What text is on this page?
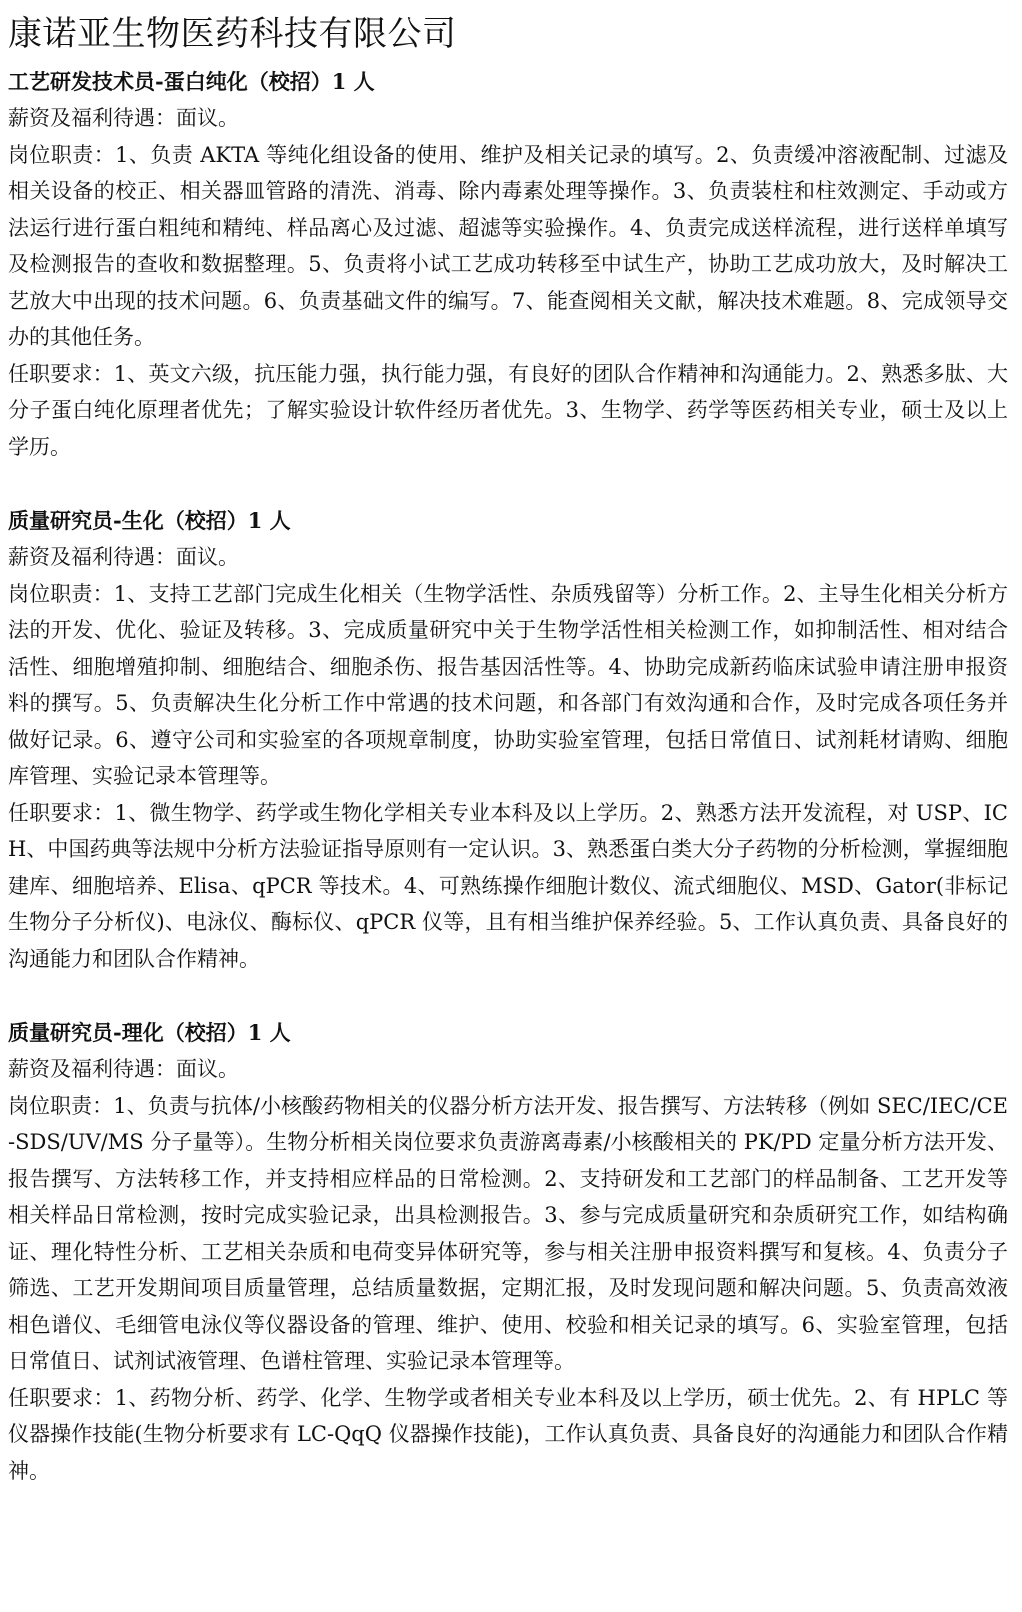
康诺亚生物医药科技有限公司
工艺研发技术员-蛋白纯化（校招）1 人

薪资及福利待遇：面议。

岗位职责：1、负责 AKTA 等纯化组设备的使用、维护及相关记录的填写。2、负责缓冲溶液配制、过滤及相关设备的校正、相关器皿管路的清洗、消毒、除内毒素处理等操作。3、负责装柱和柱效测定、手动或方法运行进行蛋白粗纯和精纯、样品离心及过滤、超滤等实验操作。4、负责完成送样流程，进行送样单填写及检测报告的查收和数据整理。5、负责将小试工艺成功转移至中试生产，协助工艺成功放大，及时解决工艺放大中出现的技术问题。6、负责基础文件的编写。7、能查阅相关文献，解决技术难题。8、完成领导交办的其他任务。

任职要求：1、英文六级，抗压能力强，执行能力强，有良好的团队合作精神和沟通能力。2、熟悉多肽、大分子蛋白纯化原理者优先；了解实验设计软件经历者优先。3、生物学、药学等医药相关专业，硕士及以上学历。

质量研究员-生化（校招）1 人

薪资及福利待遇：面议。

岗位职责：1、支持工艺部门完成生化相关（生物学活性、杂质残留等）分析工作。2、主导生化相关分析方法的开发、优化、验证及转移。3、完成质量研究中关于生物学活性相关检测工作，如抑制活性、相对结合活性、细胞增殖抑制、细胞结合、细胞杀伤、报告基因活性等。4、协助完成新药临床试验申请注册申报资料的撰写。5、负责解决生化分析工作中常遇的技术问题，和各部门有效沟通和合作，及时完成各项任务并做好记录。6、遵守公司和实验室的各项规章制度，协助实验室管理，包括日常值日、试剂耗材请购、细胞库管理、实验记录本管理等。

任职要求：1、微生物学、药学或生物化学相关专业本科及以上学历。2、熟悉方法开发流程，对 USP、ICH、中国药典等法规中分析方法验证指导原则有一定认识。3、熟悉蛋白类大分子药物的分析检测，掌握细胞建库、细胞培养、Elisa、qPCR 等技术。4、可熟练操作细胞计数仪、流式细胞仪、MSD、Gator(非标记生物分子分析仪)、电泳仪、酶标仪、qPCR 仪等，且有相当维护保养经验。5、工作认真负责、具备良好的沟通能力和团队合作精神。

质量研究员-理化（校招）1 人

薪资及福利待遇：面议。

岗位职责：1、负责与抗体/小核酸药物相关的仪器分析方法开发、报告撰写、方法转移（例如 SEC/IEC/CE-SDS/UV/MS 分子量等）。生物分析相关岗位要求负责游离毒素/小核酸相关的 PK/PD 定量分析方法开发、报告撰写、方法转移工作，并支持相应样品的日常检测。2、支持研发和工艺部门的样品制备、工艺开发等相关样品日常检测，按时完成实验记录，出具检测报告。3、参与完成质量研究和杂质研究工作，如结构确证、理化特性分析、工艺相关杂质和电荷变异体研究等，参与相关注册申报资料撰写和复核。4、负责分子筛选、工艺开发期间项目质量管理，总结质量数据，定期汇报，及时发现问题和解决问题。5、负责高效液相色谱仪、毛细管电泳仪等仪器设备的管理、维护、使用、校验和相关记录的填写。6、实验室管理，包括日常值日、试剂试液管理、色谱柱管理、实验记录本管理等。

任职要求：1、药物分析、药学、化学、生物学或者相关专业本科及以上学历，硕士优先。2、有 HPLC 等仪器操作技能(生物分析要求有 LC-QqQ 仪器操作技能)，工作认真负责、具备良好的沟通能力和团队合作精神。
